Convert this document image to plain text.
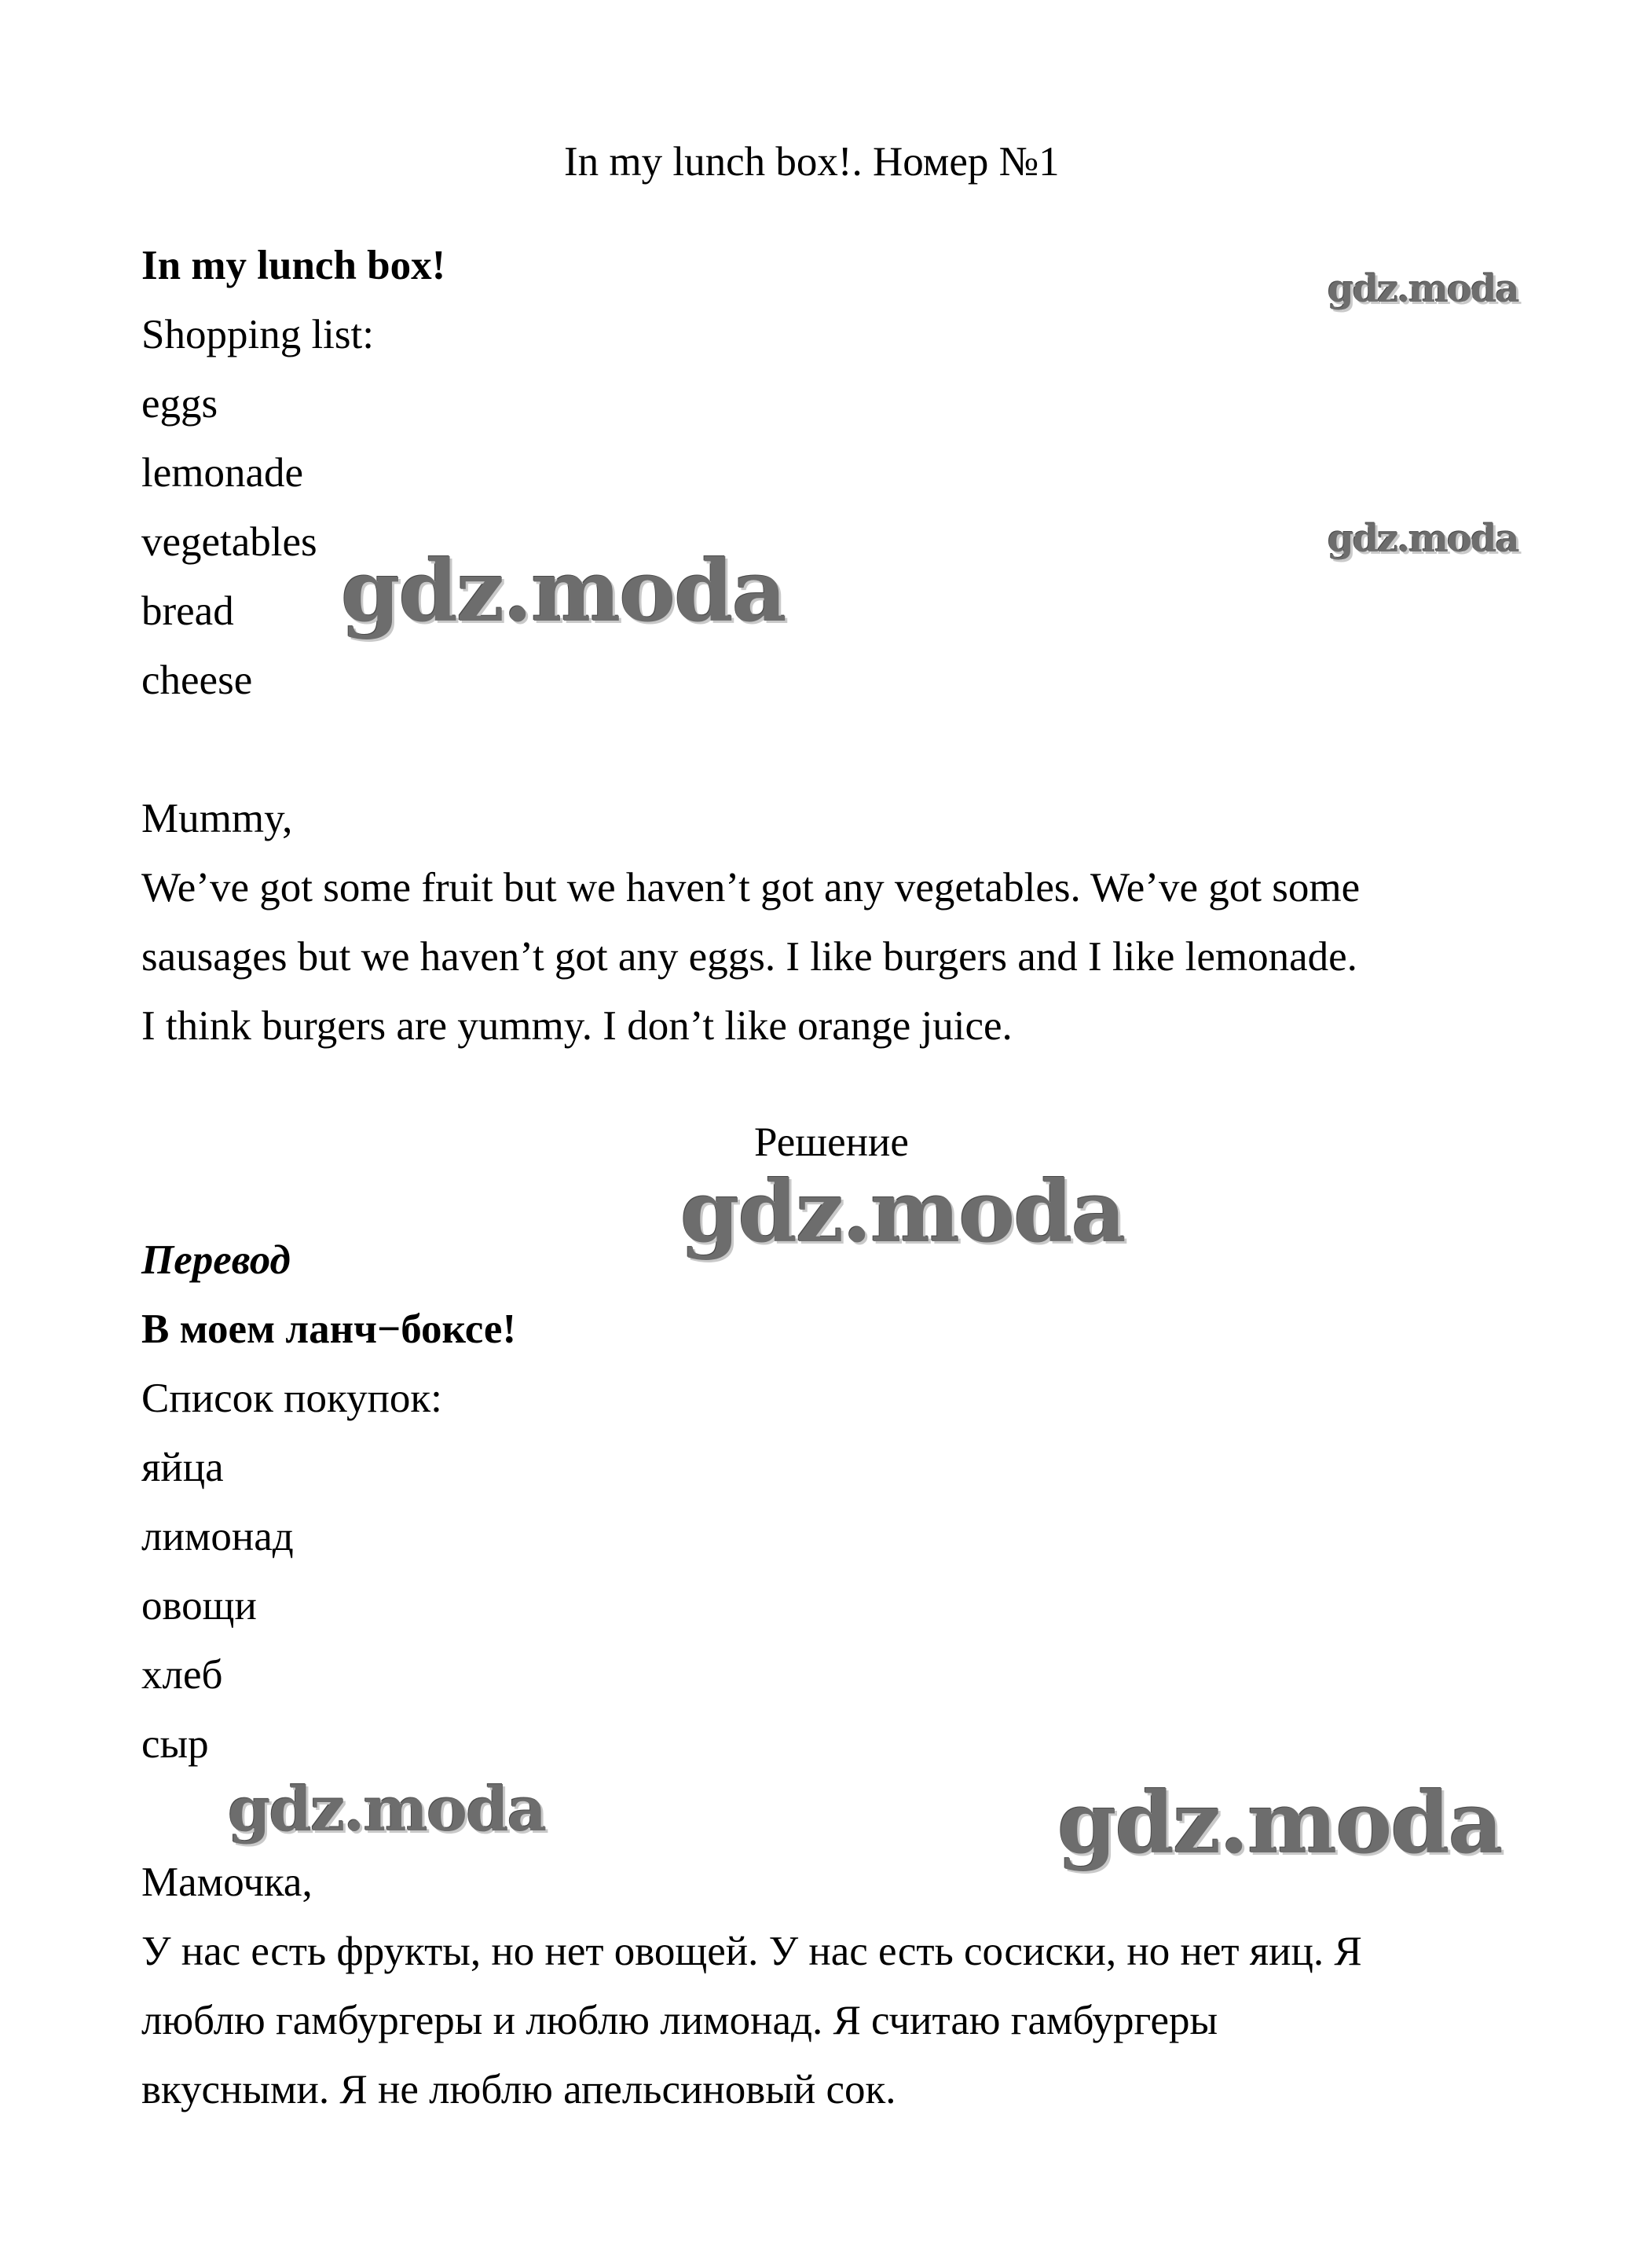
In my lunch box!. Номер №1
In my lunch box!
Shopping list:
eggs
lemonade
vegetables
bread
cheese
Mummy,
We’ve got some fruit but we haven’t got any vegetables. We’ve got some
sausages but we haven’t got any eggs. I like burgers and I like lemonade.
I think burgers are yummy. I don’t like orange juice.
Решение
Перевод
В моем ланч−боксе!
Список покупок:
яйца
лимонад
овощи
хлеб
сыр
Мамочка,
У нас есть фрукты, но нет овощей. У нас есть сосиски, но нет яиц. Я
люблю гамбургеры и люблю лимонад. Я считаю гамбургеры
вкусными. Я не люблю апельсиновый сок.
gdz.moda
gdz.moda
gdz.moda
gdz.moda
gdz.moda	gdz.moda
